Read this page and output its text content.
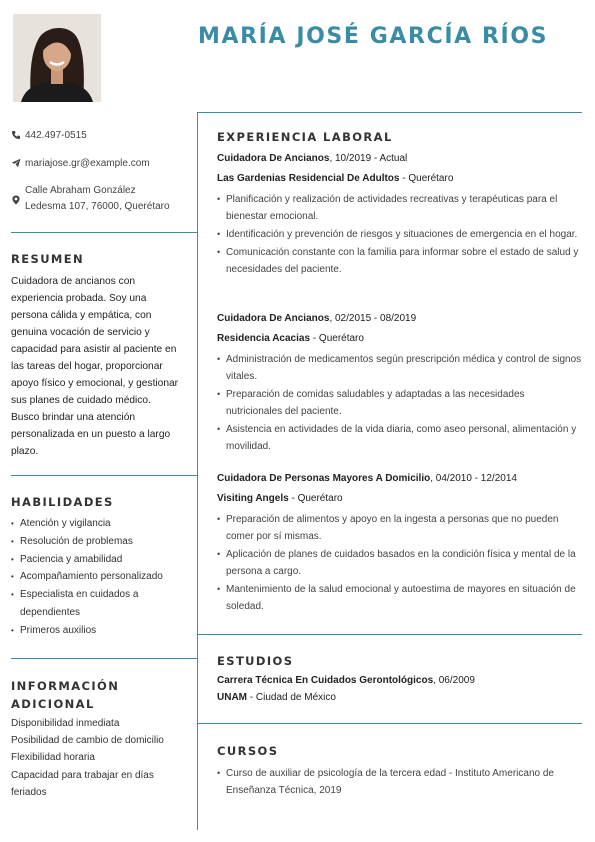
MARÍA JOSÉ GARCÍA RÍOS
442.497-0515
mariajose.gr@example.com
Calle Abraham González
Ledesma 107, 76000, Querétaro
RESUMEN
Cuidadora de ancianos con experiencia probada. Soy una persona cálida y empática, con genuina vocación de servicio y capacidad para asistir al paciente en las tareas del hogar, proporcionar apoyo físico y emocional, y gestionar sus planes de cuidado médico. Busco brindar una atención personalizada en un puesto a largo plazo.
HABILIDADES
• Atención y vigilancia
• Resolución de problemas
• Paciencia y amabilidad
• Acompañamiento personalizado
• Especialista en cuidados a dependientes
• Primeros auxilios
INFORMACIÓN
ADICIONAL
Disponibilidad inmediata
Posibilidad de cambio de domicilio
Flexibilidad horaria
Capacidad para trabajar en días feriados
EXPERIENCIA LABORAL
Cuidadora De Ancianos, 10/2019 - Actual
Las Gardenias Residencial De Adultos - Querétaro
• Planificación y realización de actividades recreativas y terapéuticas para el bienestar emocional.
• Identificación y prevención de riesgos y situaciones de emergencia en el hogar.
• Comunicación constante con la familia para informar sobre el estado de salud y necesidades del paciente.
Cuidadora De Ancianos, 02/2015 - 08/2019
Residencia Acacias - Querétaro
• Administración de medicamentos según prescripción médica y control de signos vitales.
• Preparación de comidas saludables y adaptadas a las necesidades nutricionales del paciente.
• Asistencia en actividades de la vida diaria, como aseo personal, alimentación y movilidad.
Cuidadora De Personas Mayores A Domicilio, 04/2010 - 12/2014
Visiting Angels - Querétaro
• Preparación de alimentos y apoyo en la ingesta a personas que no pueden comer por sí mismas.
• Aplicación de planes de cuidados basados en la condición física y mental de la persona a cargo.
• Mantenimiento de la salud emocional y autoestima de mayores en situación de soledad.
ESTUDIOS
Carrera Técnica En Cuidados Gerontológicos, 06/2009
UNAM - Ciudad de México
CURSOS
• Curso de auxiliar de psicología de la tercera edad - Instituto Americano de Enseñanza Técnica, 2019
